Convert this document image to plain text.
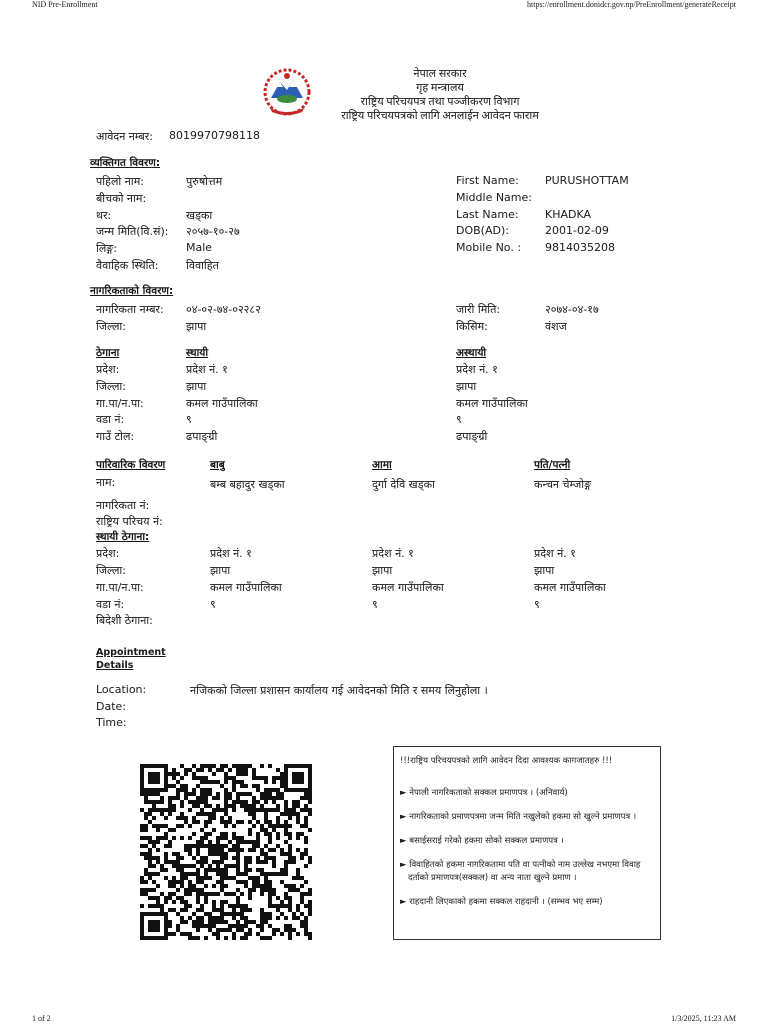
NID Pre-Enrollment	https://enrollment.donidcr.gov.np/PreEnrollment/generateReceipt
नेपाल सरकार
गृह मन्त्रालय
राष्ट्रिय परिचयपत्र तथा पञ्जीकरण विभाग
राष्ट्रिय परिचयपत्रको लागि अनलाईन आवेदन फाराम
आवेदन नम्बर: 8019970798118
व्यक्तिगत विवरण:
पहिलो नाम:	पुरुषोत्तम
बीचको नाम:
थर:	खड्का
जन्म मिति(वि.सं): २०५७-१०-२७
लिङ्ग:	Male
वैवाहिक स्थिति:	विवाहित
First Name: PURUSHOTTAM
Middle Name:
Last Name: KHADKA
DOB(AD):	2001-02-09
Mobile No. : 9814035208
नागरिकताको विवरण:
नागरिकता नम्बर: ०४-०२-७४-०२२८२
जिल्ला:	झापा
जारी मिति:	२०७४-०४-१७
किसिम:	वंशज
ठेगाना	स्थायी	अस्थायी
प्रदेश:	प्रदेश नं. १	प्रदेश नं. १
जिल्ला:	झापा	झापा
गा.पा/न.पा:	कमल गाउँपालिका	कमल गाउँपालिका
वडा नं:	९	९
गाउँ टोल:	ढपाङ्ग्री	ढपाङ्ग्री
पारिवारिक विवरण	बाबु	आमा	पति/पत्नी
नाम:	बम्ब बहादुर खड्का	दुर्गा देवि खड्का	कन्चन चेम्जोङ्ग
नागरिकता नं:
राष्ट्रिय परिचय नं:
स्थायी ठेगाना:
प्रदेश:	प्रदेश नं. १	प्रदेश नं. १	प्रदेश नं. १
जिल्ला:	झापा	झापा	झापा
गा.पा/न.पा:	कमल गाउँपालिका	कमल गाउँपालिका	कमल गाउँपालिका
वडा नं:	९	९	९
बिदेशी ठेगाना:
Appointment
Details
Location:	नजिकको जिल्ला प्रशासन कार्यालय गई आवेदनको मिति र समय लिनुहोला ।
Date:
Time:
!!!राष्ट्रिय परिचयपत्रको लागि आवेदन दिदा आवश्यक कागजातहरु !!!
► नेपाली नागरिकताको सक्कल प्रमाणपत्र । (अनिवार्य)
► नागरिकताको प्रमाणपत्रमा जन्म मिति नखुलेको हकमा सो खुल्ने प्रमाणपत्र ।
► बसाईसराई गरेको हकमा सोको सक्कल प्रमाणपत्र ।
► विवाहितको हकमा नागरिकतामा पति वा पत्नीको नाम उल्लेख नभएमा विवाह
दर्ताको प्रमाणपत्र(सक्कल) वा अन्य नाता खुल्ने प्रमाण ।
► राहदानी लिएकाको हकमा सक्कल राहदानी । (सम्भव भए सम्म)
1 of 2	1/3/2025, 11:23 AM
